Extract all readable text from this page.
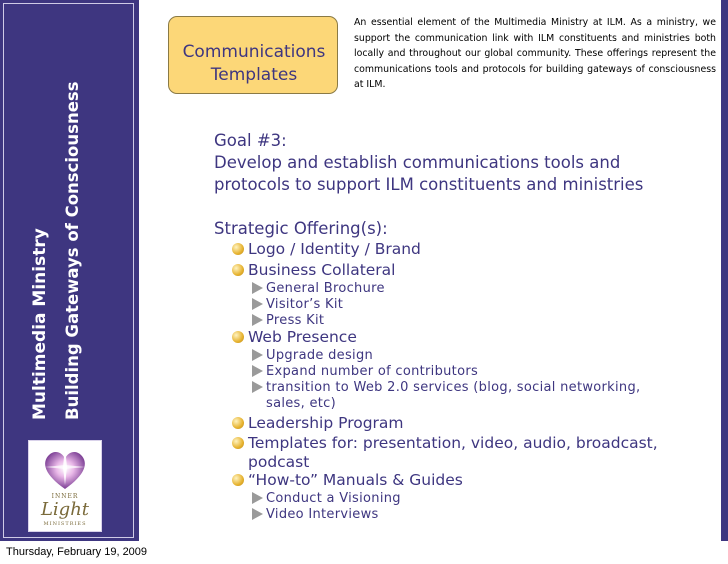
Multimedia Ministry Building Gateways of Consciousness
INNER
Light
MINISTRIES
Thursday, February 19, 2009
Communications
Templates
An essential element of the Multimedia Ministry at ILM. As a ministry, we support the communication link with ILM constituents and ministries both locally and throughout our global community. These offerings represent the communications tools and protocols for building gateways of consciousness at ILM.
Goal #3:
Develop and establish communications tools and
protocols to support ILM constituents and ministries
Strategic Offering(s):
Logo / Identity / Brand
Business Collateral
General Brochure
Visitor’s Kit
Press Kit
Web Presence
Upgrade design
Expand number of contributors
transition to Web 2.0 services (blog, social networking,
sales, etc)
Leadership Program
Templates for: presentation, video, audio, broadcast,
podcast
“How-to” Manuals & Guides
Conduct a Visioning
Video Interviews
